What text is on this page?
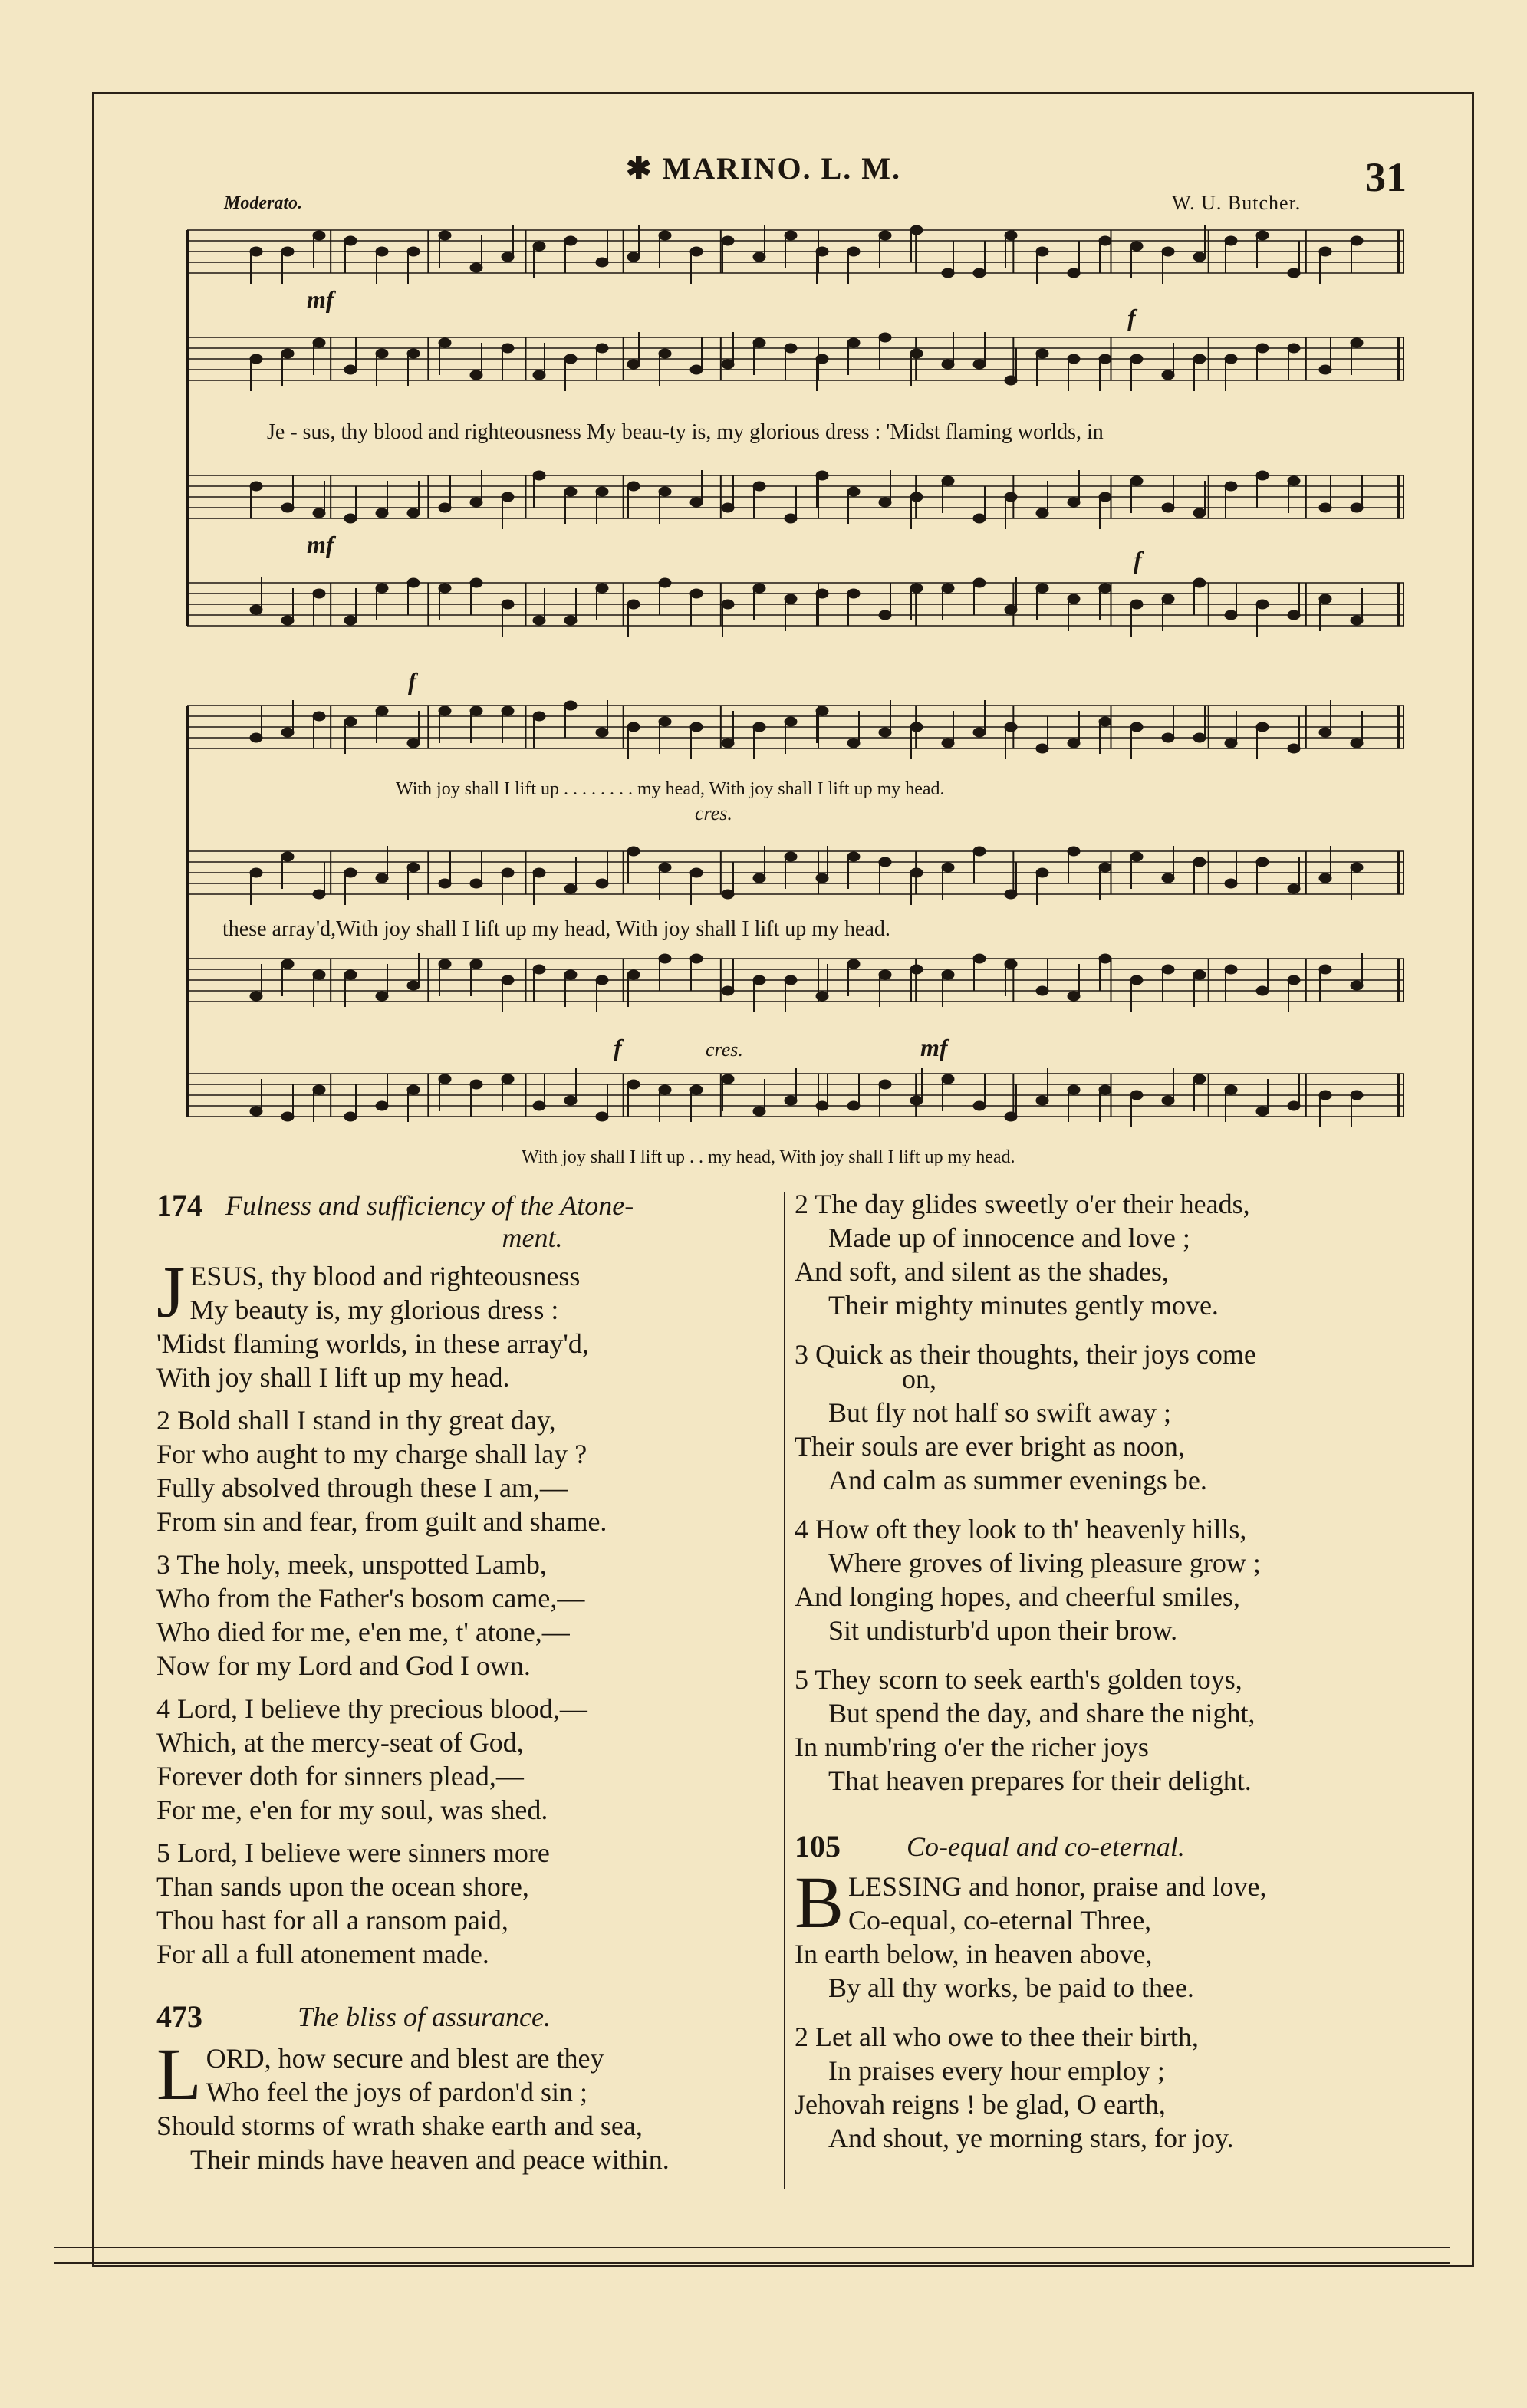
✱ MARINO. L. M.	31
Moderato.	W. U. Butcher.
Je - sus, thy blood and righteousness My beau-ty is, my glorious dress : 'Midst flaming worlds, in
With joy shall I lift up . . . . . . . . my head, With joy shall I lift up my head.
these array'd,With joy shall I lift up my head, With joy shall I lift up my head.
With joy shall I lift up . . my head, With joy shall I lift up my head.
mf
f
mf
f
f
cres.
f	cres.	mf
174 Fulness and sufficiency of the Atone-
ment.
J ESUS, thy blood and righteousness
My beauty is, my glorious dress :
'Midst flaming worlds, in these array'd,
With joy shall I lift up my head.
2 Bold shall I stand in thy great day,
For who aught to my charge shall lay ?
Fully absolved through these I am,—
From sin and fear, from guilt and shame.
3 The holy, meek, unspotted Lamb,
Who from the Father's bosom came,—
Who died for me, e'en me, t' atone,—
Now for my Lord and God I own.
4 Lord, I believe thy precious blood,—
Which, at the mercy-seat of God,
Forever doth for sinners plead,—
For me, e'en for my soul, was shed.
5 Lord, I believe were sinners more
Than sands upon the ocean shore,
Thou hast for all a ransom paid,
For all a full atonement made.
473	The bliss of assurance.
L ORD, how secure and blest are they
Who feel the joys of pardon'd sin ;
Should storms of wrath shake earth and sea,
Their minds have heaven and peace within.
2 The day glides sweetly o'er their heads,
Made up of innocence and love ;
And soft, and silent as the shades,
Their mighty minutes gently move.
3 Quick as their thoughts, their joys come
on,
But fly not half so swift away ;
Their souls are ever bright as noon,
And calm as summer evenings be.
4 How oft they look to th' heavenly hills,
Where groves of living pleasure grow ;
And longing hopes, and cheerful smiles,
Sit undisturb'd upon their brow.
5 They scorn to seek earth's golden toys,
But spend the day, and share the night,
In numb'ring o'er the richer joys
That heaven prepares for their delight.
105 Co-equal and co-eternal.
B LESSING and honor, praise and love,
Co-equal, co-eternal Three,
In earth below, in heaven above,
By all thy works, be paid to thee.
2 Let all who owe to thee their birth,
In praises every hour employ ;
Jehovah reigns ! be glad, O earth,
And shout, ye morning stars, for joy.
